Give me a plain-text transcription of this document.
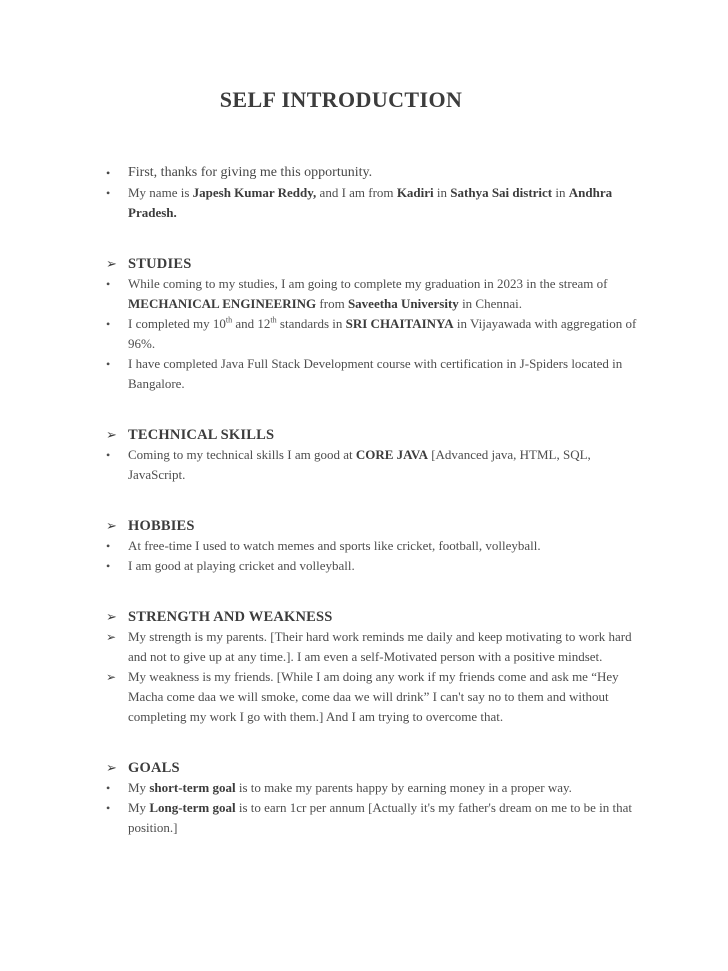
SELF INTRODUCTION
•	First, thanks for giving me this opportunity.
•	My name is Japesh Kumar Reddy, and I am from Kadiri in Sathya Sai district in Andhra Pradesh.
➢ STUDIES
•	While coming to my studies, I am going to complete my graduation in 2023 in the stream of MECHANICAL ENGINEERING from Saveetha University in Chennai.
•	I completed my 10th and 12th standards in SRI CHAITAINYA in Vijayawada with aggregation of 96%.
•	I have completed Java Full Stack Development course with certification in J-Spiders located in Bangalore.
➢ TECHNICAL SKILLS
•	Coming to my technical skills I am good at CORE JAVA [Advanced java, HTML, SQL, JavaScript.
➢ HOBBIES
•	At free-time I used to watch memes and sports like cricket, football, volleyball.
•	I am good at playing cricket and volleyball.
➢ STRENGTH AND WEAKNESS
➢ My strength is my parents. [Their hard work reminds me daily and keep motivating to work hard and not to give up at any time.]. I am even a self-Motivated person with a positive mindset.
➢ My weakness is my friends. [While I am doing any work if my friends come and ask me “Hey Macha come daa we will smoke, come daa we will drink” I can't say no to them and without completing my work I go with them.] And I am trying to overcome that.
➢ GOALS
•	My short-term goal is to make my parents happy by earning money in a proper way.
•	My Long-term goal is to earn 1cr per annum [Actually it's my father's dream on me to be in that position.]
